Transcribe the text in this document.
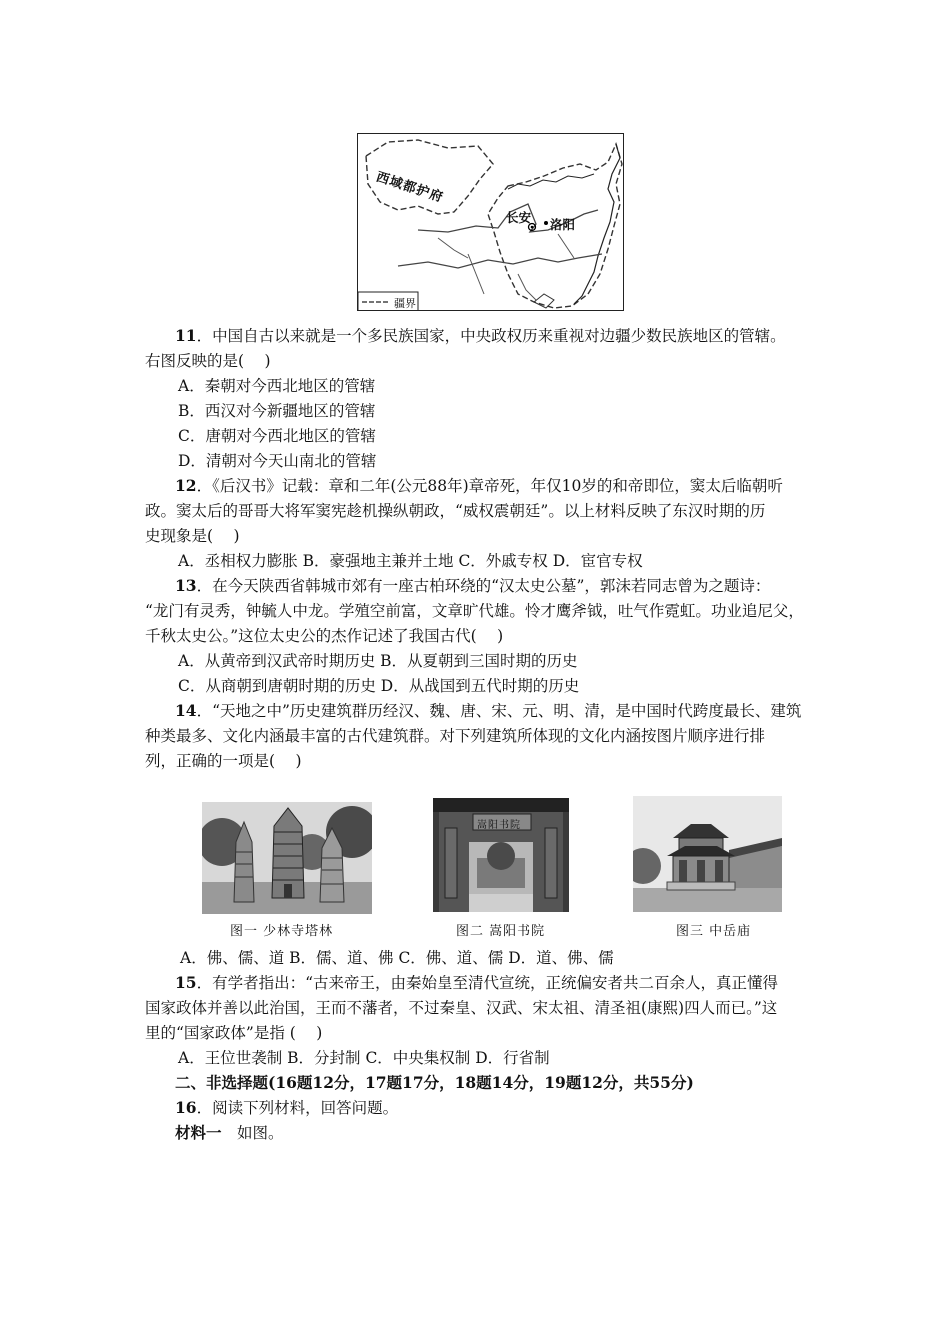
西域都护府
长安 洛阳
疆界
11．中国自古以来就是一个多民族国家，中央政权历来重视对边疆少数民族地区的管辖。
右图反映的是(　 )
A．秦朝对今西北地区的管辖
B．西汉对今新疆地区的管辖
C．唐朝对今西北地区的管辖
D．清朝对今天山南北的管辖
12．《后汉书》记载：章和二年(公元88年)章帝死，年仅10岁的和帝即位，窦太后临朝听
政。窦太后的哥哥大将军窦宪趁机操纵朝政，“威权震朝廷”。以上材料反映了东汉时期的历
史现象是(　 )
A．丞相权力膨胀 B．豪强地主兼并土地 C．外戚专权 D．宦官专权
13．在今天陕西省韩城市郊有一座古柏环绕的“汉太史公墓”，郭沫若同志曾为之题诗：
“龙门有灵秀，钟毓人中龙。学殖空前富，文章旷代雄。怜才鹰斧钺，吐气作霓虹。功业追尼父，
千秋太史公。”这位太史公的杰作记述了我国古代(　 )
A．从黄帝到汉武帝时期历史 B．从夏朝到三国时期的历史
C．从商朝到唐朝时期的历史 D．从战国到五代时期的历史
14．“天地之中”历史建筑群历经汉、魏、唐、宋、元、明、清，是中国时代跨度最长、建筑
种类最多、文化内涵最丰富的古代建筑群。对下列建筑所体现的文化内涵按图片顺序进行排
列，正确的一项是(　 )
图一 少林寺塔林
嵩阳书院
图二 嵩阳书院	图三 中岳庙
A．佛、儒、道 B．儒、道、佛 C．佛、道、儒 D．道、佛、儒
15．有学者指出：“古来帝王，由秦始皇至清代宣统，正统偏安者共二百余人，真正懂得
国家政体并善以此治国，王而不藩者，不过秦皇、汉武、宋太祖、清圣祖(康熙)四人而已。”这
里的“国家政体”是指 (　 )
A．王位世袭制 B．分封制 C．中央集权制 D．行省制
二、非选择题(16题12分，17题17分，18题14分，19题12分，共55分)
16．阅读下列材料，回答问题。
材料一　如图。
